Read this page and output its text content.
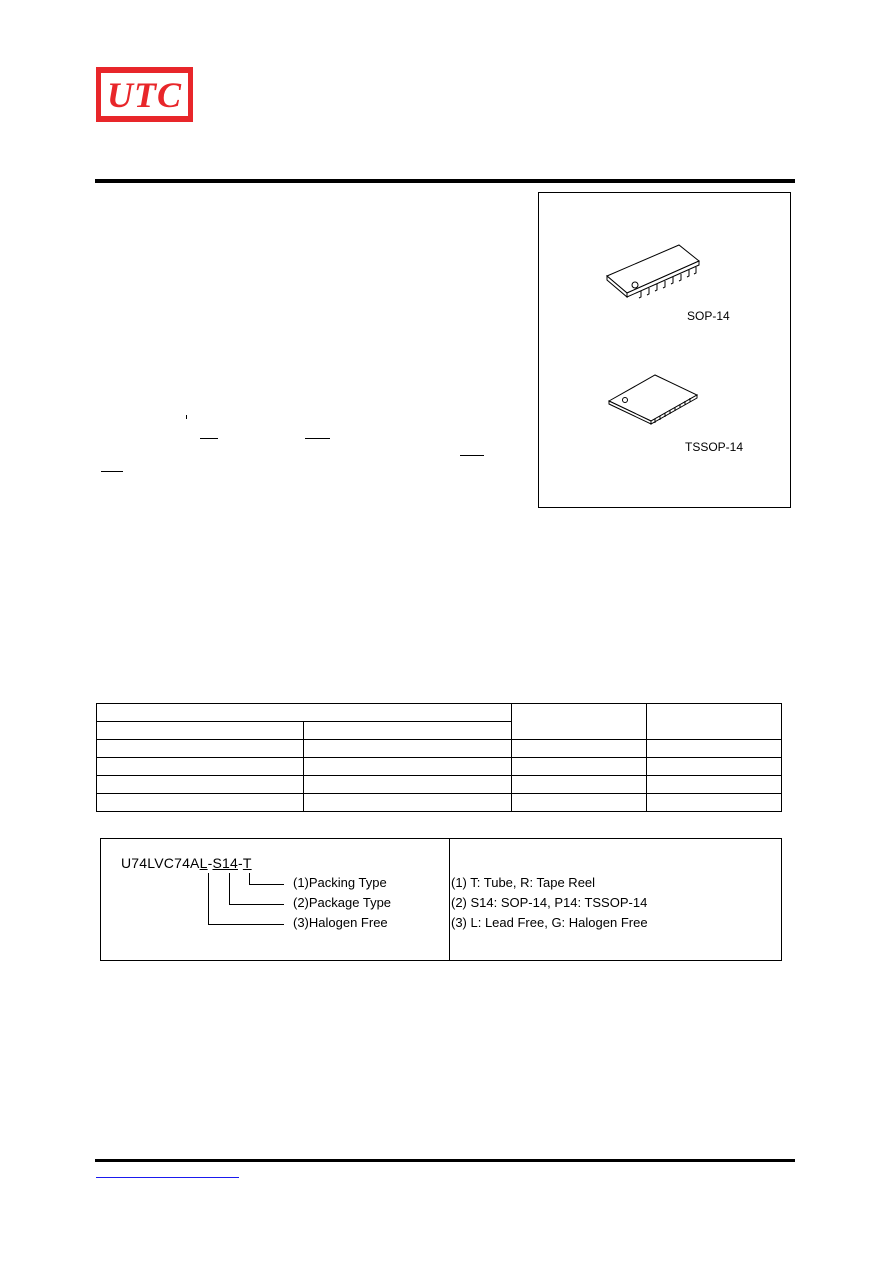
UTC
SOP-14
TSSOP-14

U74LVC74AL-S14-T
(1)Packing Type
(2)Package Type
(3)Halogen Free
(1) T: Tube, R: Tape Reel
(2) S14: SOP-14, P14: TSSOP-14
(3) L: Lead Free, G: Halogen Free
